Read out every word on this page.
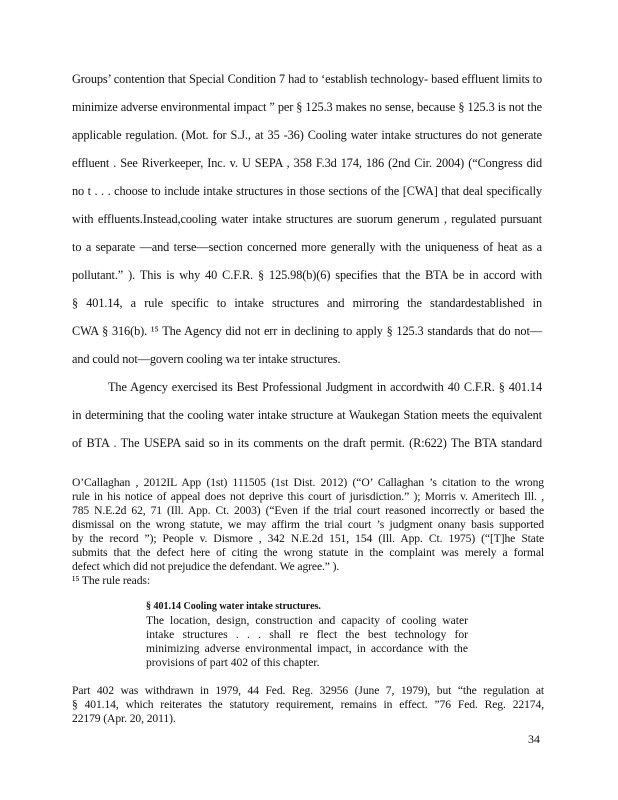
Groups’ contention that Special Condition 7 had to ‘establish technology- based effluent limits to
minimize adverse environmental impact ” per § 125.3 makes no sense, because § 125.3 is not the
applicable regulation. (Mot. for S.J., at 35 -36) Cooling water intake structures do not generate
effluent . See Riverkeeper, Inc. v. U SEPA , 358 F.3d 174, 186 (2nd Cir. 2004) (“Congress did
no t . . . choose to include intake structures in those sections of the [CWA] that deal specifically
with effluents.Instead,cooling water intake structures are suorum generum , regulated pursuant
to a separate —and terse—section concerned more generally with the uniqueness of heat as a
pollutant.” ). This is why 40 C.F.R. § 125.98(b)(6) specifies that the BTA be in accord with
§ 401.14, a rule specific to intake structures and mirroring the standardestablished in
CWA § 316(b). ¹⁵ The Agency did not err in declining to apply § 125.3 standards that do not—
and could not—govern cooling wa ter intake structures.
The Agency exercised its Best Professional Judgment in accordwith 40 C.F.R. § 401.14
in determining that the cooling water intake structure at Waukegan Station meets the equivalent
of BTA . The USEPA said so in its comments on the draft permit. (R:622) The BTA standard
O’Callaghan , 2012IL App (1st) 111505 (1st Dist. 2012) (“O’ Callaghan ’s citation to the wrong
rule in his notice of appeal does not deprive this court of jurisdiction.” ); Morris v. Ameritech Ill. ,
785 N.E.2d 62, 71 (Ill. App. Ct. 2003) (“Even if the trial court reasoned incorrectly or based the
dismissal on the wrong statute, we may affirm the trial court ’s judgment onany basis supported
by the record ”); People v. Dismore , 342 N.E.2d 151, 154 (Ill. App. Ct. 1975) (“[T]he State
submits that the defect here of citing the wrong statute in the complaint was merely a formal
defect which did not prejudice the defendant. We agree.” ).
¹⁵ The rule reads:
§ 401.14 Cooling water intake structures.
The location, design, construction and capacity of cooling water
intake structures . . . shall re flect the best technology for
minimizing adverse environmental impact, in accordance with the
provisions of part 402 of this chapter.
Part 402 was withdrawn in 1979, 44 Fed. Reg. 32956 (June 7, 1979), but “the regulation at
§ 401.14, which reiterates the statutory requirement, remains in effect. ”76 Fed. Reg. 22174,
22179 (Apr. 20, 2011).
34
